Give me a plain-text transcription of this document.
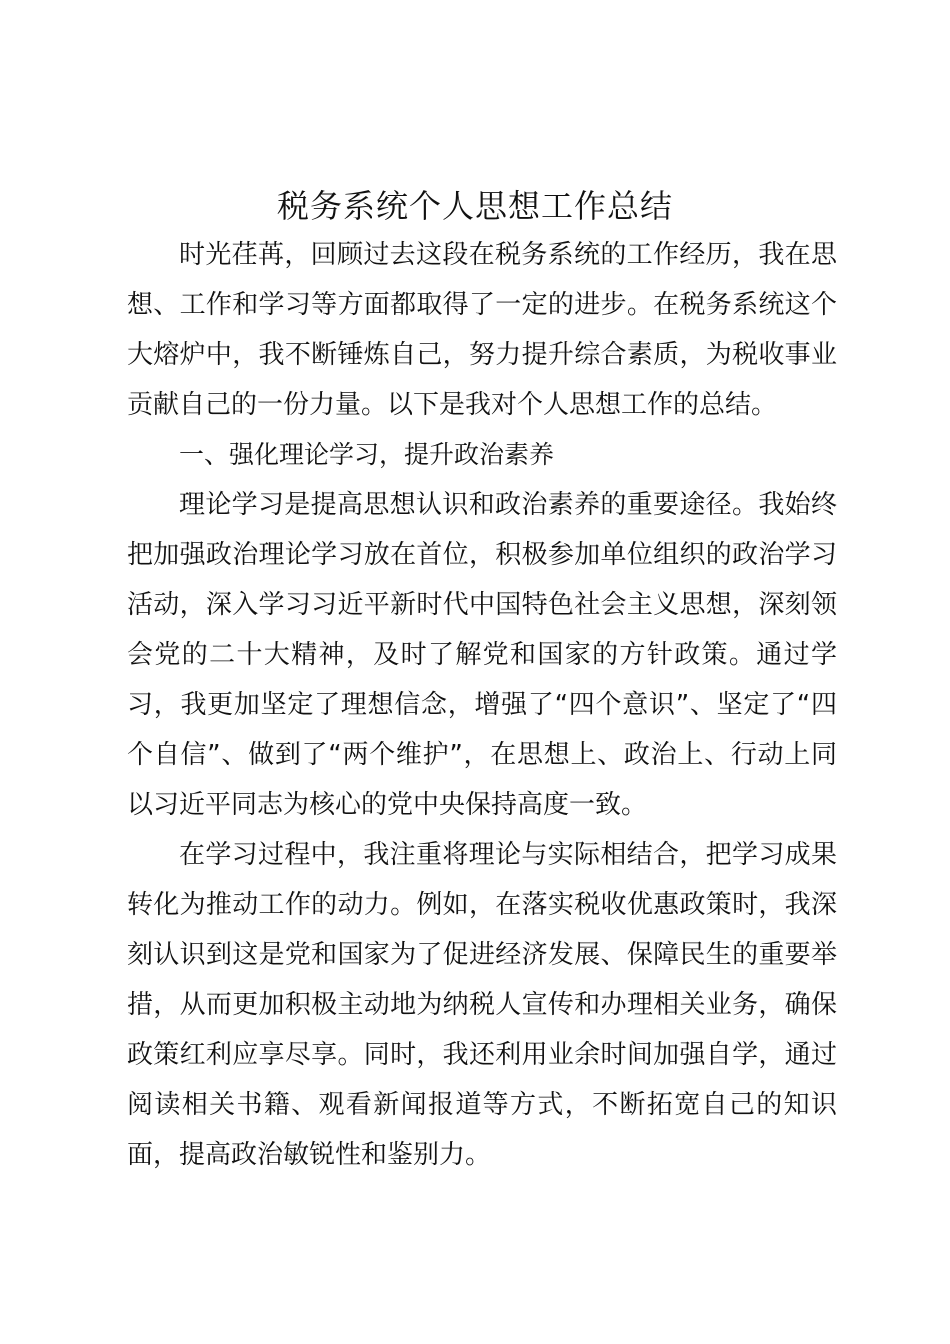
税务系统个人思想工作总结

时光荏苒，回顾过去这段在税务系统的工作经历，我在思想、工作和学习等方面都取得了一定的进步。在税务系统这个大熔炉中，我不断锤炼自己，努力提升综合素质，为税收事业贡献自己的一份力量。以下是我对个人思想工作的总结。

一、强化理论学习，提升政治素养

理论学习是提高思想认识和政治素养的重要途径。我始终把加强政治理论学习放在首位，积极参加单位组织的政治学习活动，深入学习习近平新时代中国特色社会主义思想，深刻领会党的二十大精神，及时了解党和国家的方针政策。通过学习，我更加坚定了理想信念，增强了“四个意识”、坚定了“四个自信”、做到了“两个维护”，在思想上、政治上、行动上同以习近平同志为核心的党中央保持高度一致。

在学习过程中，我注重将理论与实际相结合，把学习成果转化为推动工作的动力。例如，在落实税收优惠政策时，我深刻认识到这是党和国家为了促进经济发展、保障民生的重要举措，从而更加积极主动地为纳税人宣传和办理相关业务，确保政策红利应享尽享。同时，我还利用业余时间加强自学，通过阅读相关书籍、观看新闻报道等方式，不断拓宽自己的知识面，提高政治敏锐性和鉴别力。
